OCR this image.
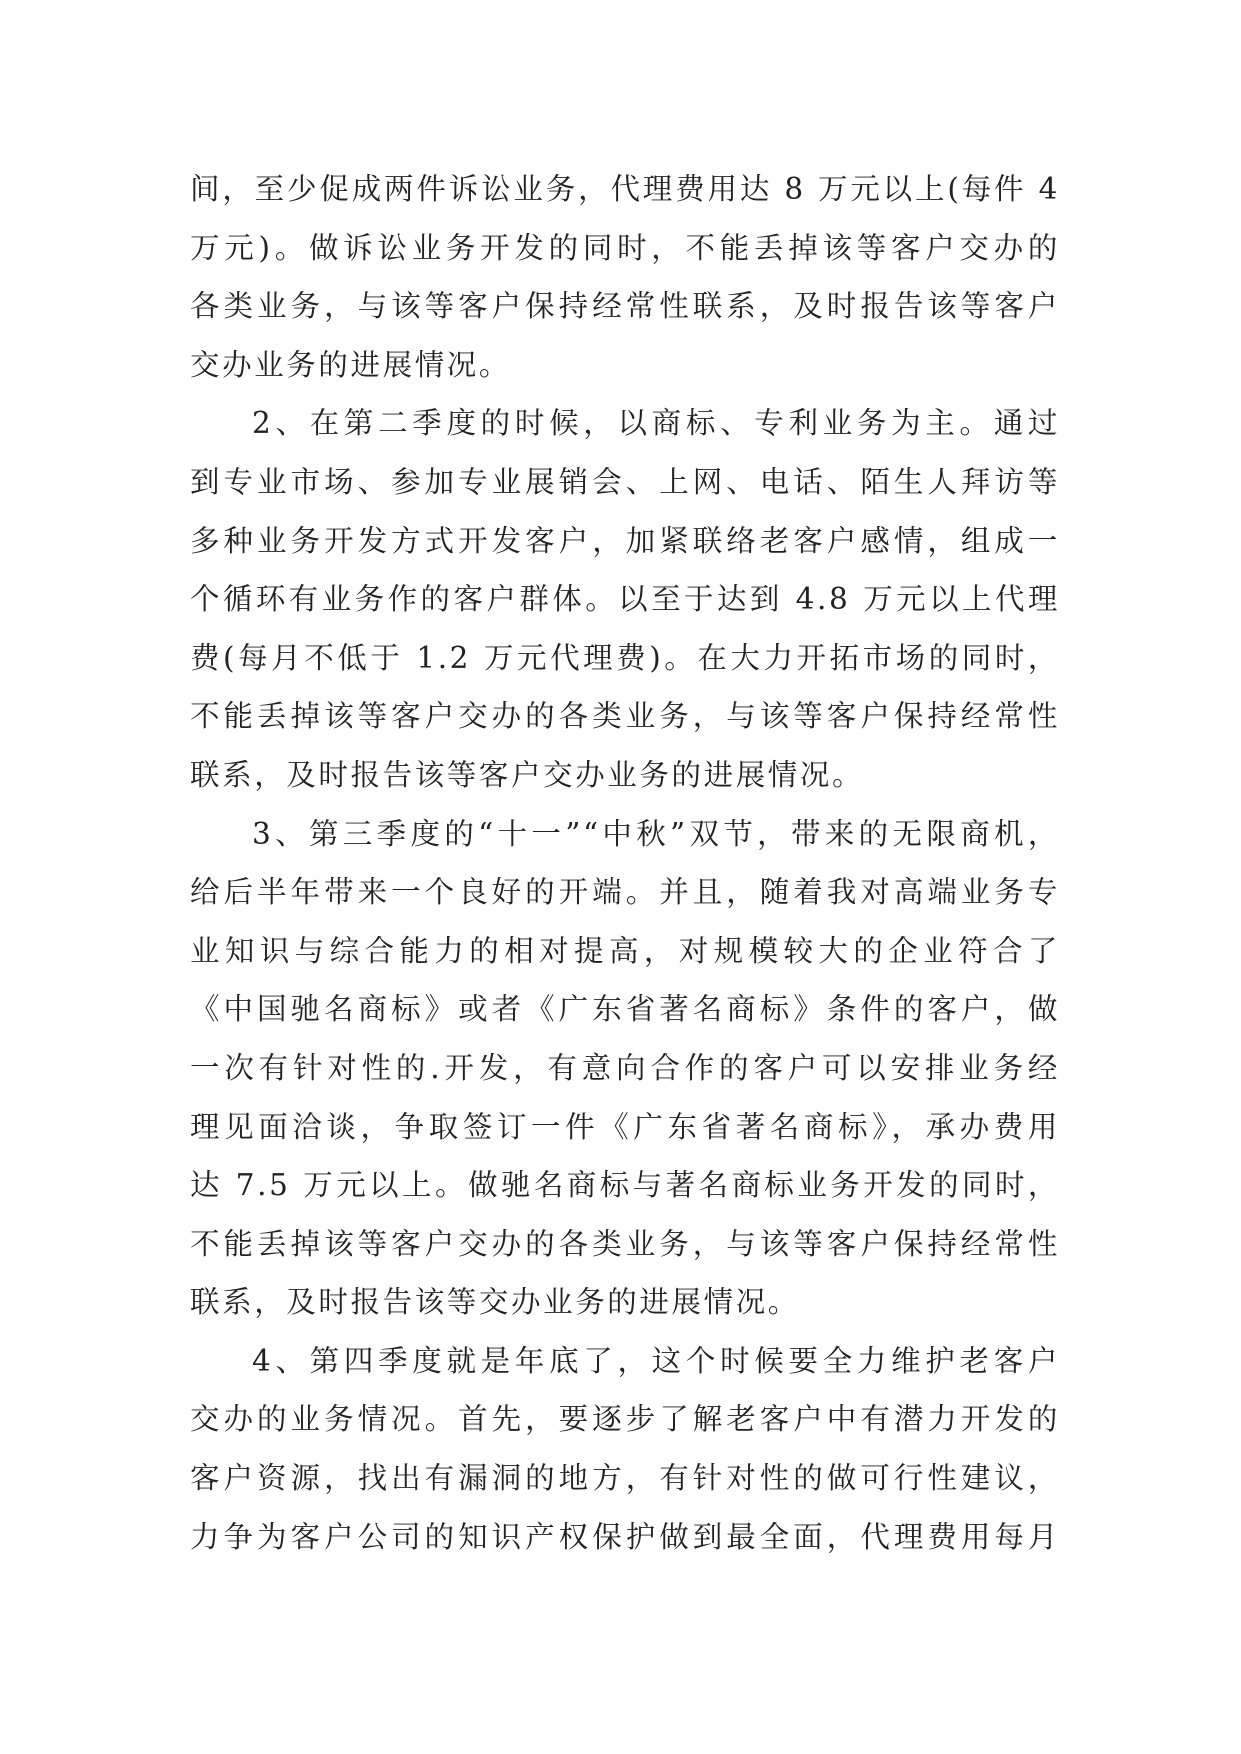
间，至少促成两件诉讼业务，代理费用达 8 万元以上(每件 4
万元)。做诉讼业务开发的同时，不能丢掉该等客户交办的
各类业务，与该等客户保持经常性联系，及时报告该等客户
交办业务的进展情况。
2、在第二季度的时候，以商标、专利业务为主。通过
到专业市场、参加专业展销会、上网、电话、陌生人拜访等
多种业务开发方式开发客户，加紧联络老客户感情，组成一
个循环有业务作的客户群体。以至于达到 4.8 万元以上代理
费(每月不低于 1.2 万元代理费)。在大力开拓市场的同时，
不能丢掉该等客户交办的各类业务，与该等客户保持经常性
联系，及时报告该等客户交办业务的进展情况。
3、第三季度的“十一”“中秋”双节，带来的无限商机，
给后半年带来一个良好的开端。并且，随着我对高端业务专
业知识与综合能力的相对提高，对规模较大的企业符合了
《中国驰名商标》或者《广东省著名商标》条件的客户，做
一次有针对性的.开发，有意向合作的客户可以安排业务经
理见面洽谈，争取签订一件《广东省著名商标》，承办费用
达 7.5 万元以上。做驰名商标与著名商标业务开发的同时，
不能丢掉该等客户交办的各类业务，与该等客户保持经常性
联系，及时报告该等交办业务的进展情况。
4、第四季度就是年底了，这个时候要全力维护老客户
交办的业务情况。首先，要逐步了解老客户中有潜力开发的
客户资源，找出有漏洞的地方，有针对性的做可行性建议，
力争为客户公司的知识产权保护做到最全面，代理费用每月
